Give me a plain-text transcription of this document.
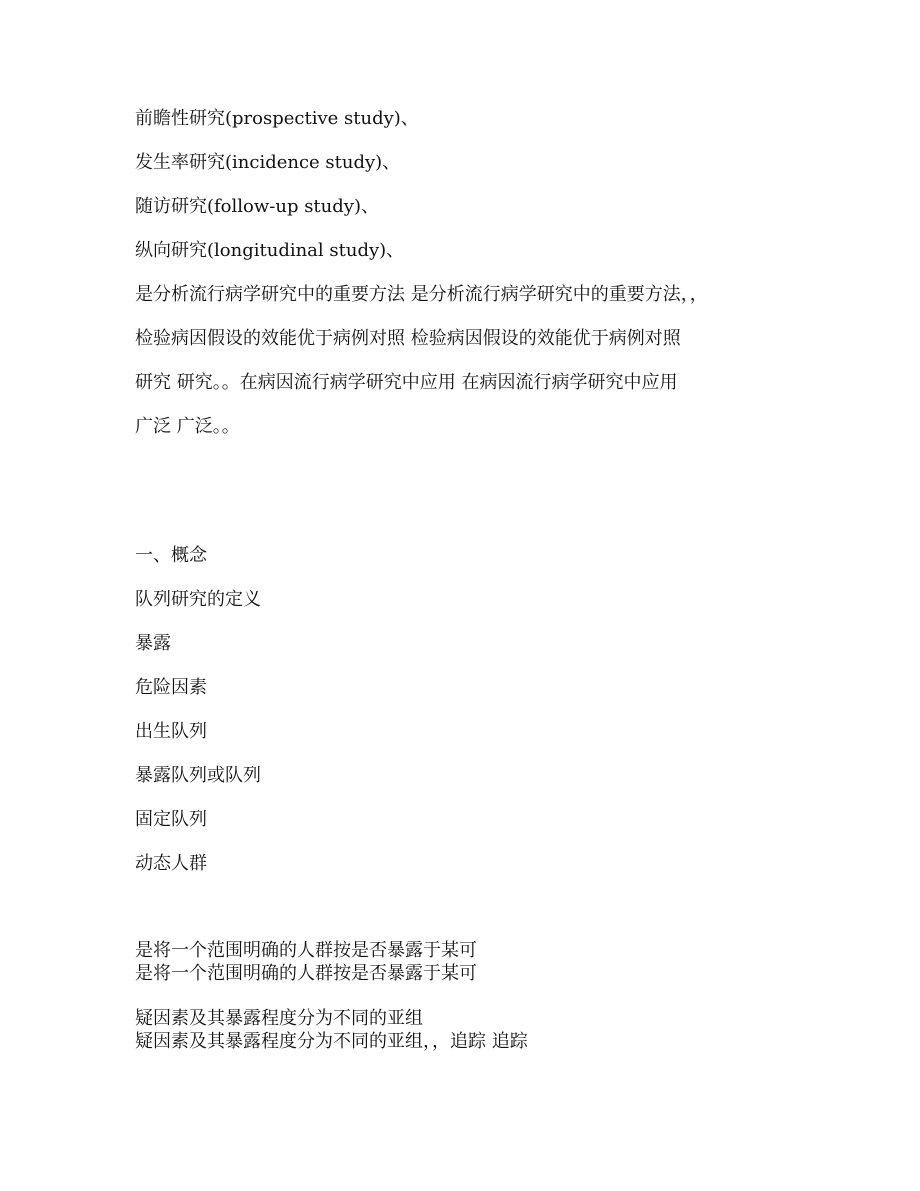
前瞻性研究(prospective study)、

发生率研究(incidence study)、

随访研究(follow-up study)、

纵向研究(longitudinal study)、

是分析流行病学研究中的重要方法 是分析流行病学研究中的重要方法，，

检验病因假设的效能优于病例对照 检验病因假设的效能优于病例对照

研究 研究。。在病因流行病学研究中应用 在病因流行病学研究中应用

广泛 广泛。。

一、概念

队列研究的定义

暴露

危险因素

出生队列

暴露队列或队列

固定队列

动态人群

是将一个范围明确的人群按是否暴露于某可

是将一个范围明确的人群按是否暴露于某可

疑因素及其暴露程度分为不同的亚组

疑因素及其暴露程度分为不同的亚组，，追踪 追踪
